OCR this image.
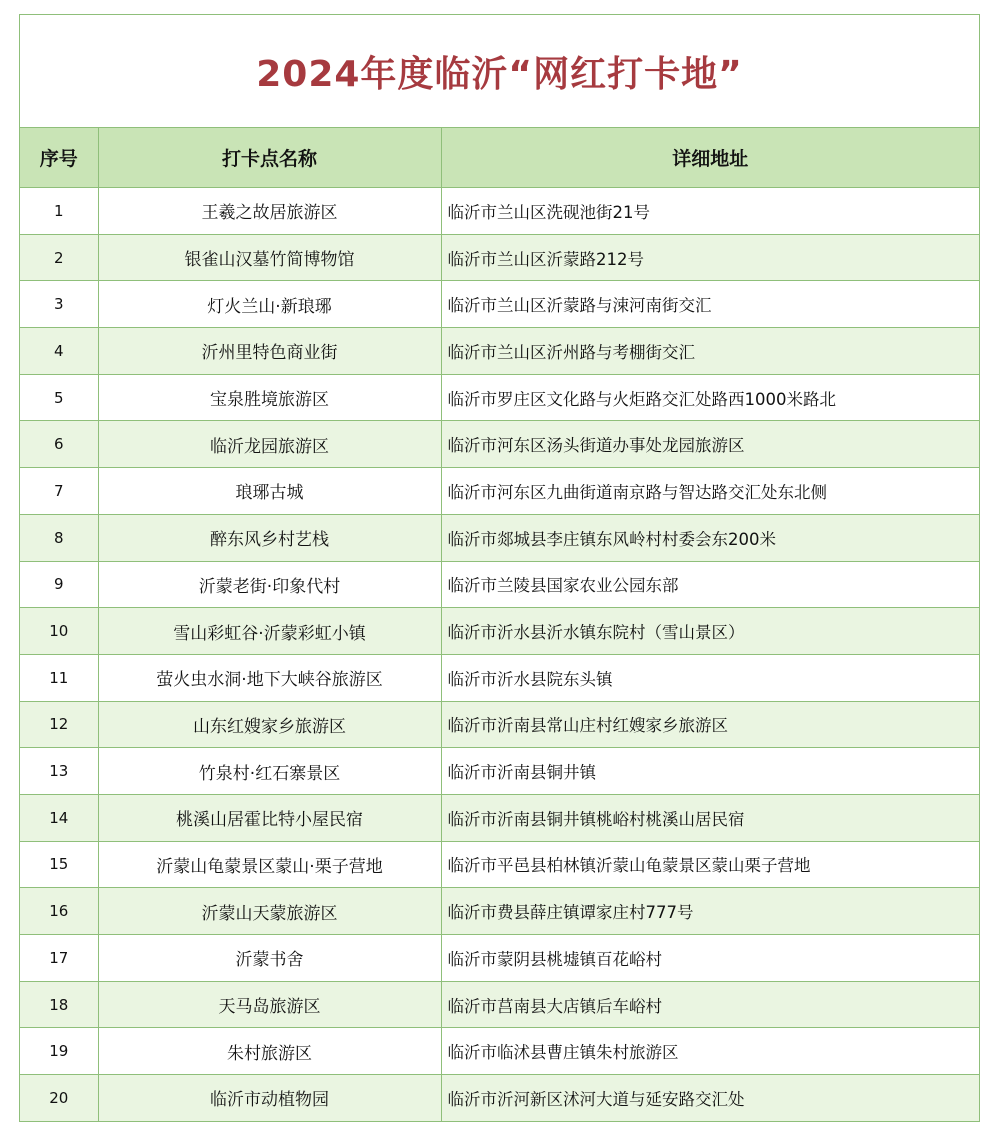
2024年度临沂“网红打卡地”
序号	打卡点名称	详细地址
1	王羲之故居旅游区	临沂市兰山区洗砚池街21号
2	银雀山汉墓竹简博物馆	临沂市兰山区沂蒙路212号
3	灯火兰山·新琅琊	临沂市兰山区沂蒙路与涑河南街交汇
4	沂州里特色商业街	临沂市兰山区沂州路与考棚街交汇
5	宝泉胜境旅游区	临沂市罗庄区文化路与火炬路交汇处路西1000米路北
6	临沂龙园旅游区	临沂市河东区汤头街道办事处龙园旅游区
7	琅琊古城	临沂市河东区九曲街道南京路与智达路交汇处东北侧
8	醉东风乡村艺栈	临沂市郯城县李庄镇东风岭村村委会东200米
9	沂蒙老街·印象代村	临沂市兰陵县国家农业公园东部
10	雪山彩虹谷·沂蒙彩虹小镇	临沂市沂水县沂水镇东院村（雪山景区）
11	萤火虫水洞·地下大峡谷旅游区	临沂市沂水县院东头镇
12	山东红嫂家乡旅游区	临沂市沂南县常山庄村红嫂家乡旅游区
13	竹泉村·红石寨景区	临沂市沂南县铜井镇
14	桃溪山居霍比特小屋民宿	临沂市沂南县铜井镇桃峪村桃溪山居民宿
15	沂蒙山龟蒙景区蒙山·栗子营地	临沂市平邑县柏林镇沂蒙山龟蒙景区蒙山栗子营地
16	沂蒙山天蒙旅游区	临沂市费县薛庄镇谭家庄村777号
17	沂蒙书舍	临沂市蒙阴县桃墟镇百花峪村
18	天马岛旅游区	临沂市莒南县大店镇后车峪村
19	朱村旅游区	临沂市临沭县曹庄镇朱村旅游区
20	临沂市动植物园	临沂市沂河新区沭河大道与延安路交汇处
